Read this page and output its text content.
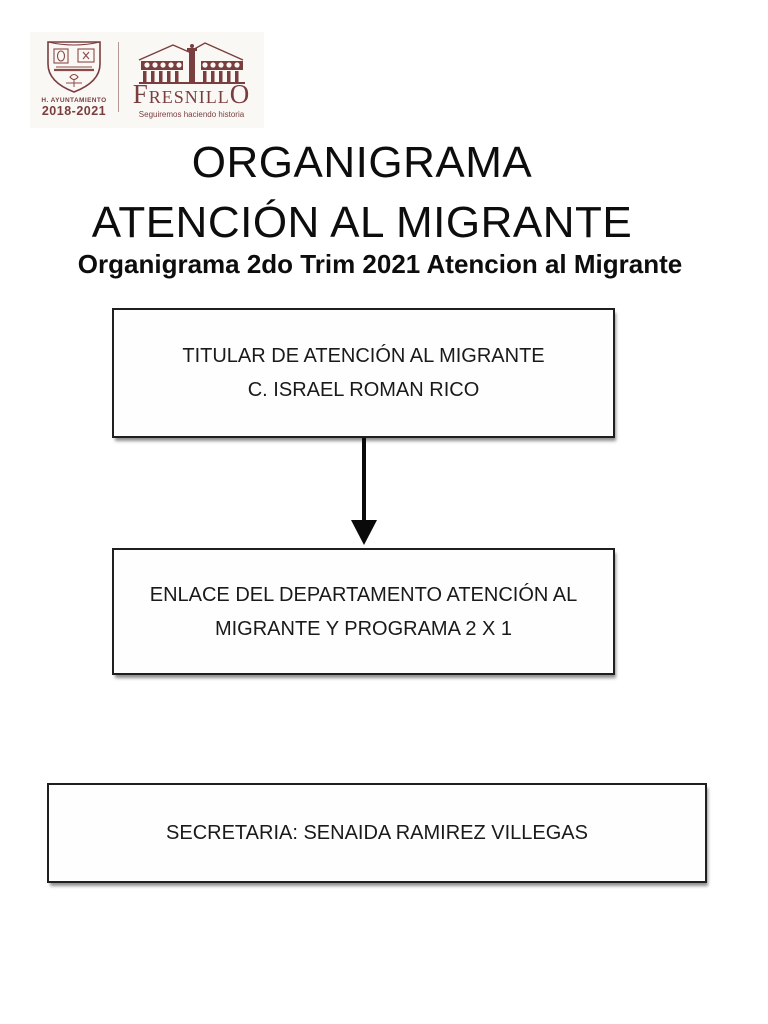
H. AYUNTAMIENTO
2018-2021
FRESNILLO
Seguiremos haciendo historia
ORGANIGRAMA
ATENCIÓN AL MIGRANTE
Organigrama 2do Trim 2021 Atencion al Migrante
TITULAR DE ATENCIÓN AL MIGRANTE
C. ISRAEL ROMAN RICO
ENLACE DEL DEPARTAMENTO ATENCIÓN AL
MIGRANTE Y PROGRAMA 2 X 1
SECRETARIA: SENAIDA RAMIREZ VILLEGAS
